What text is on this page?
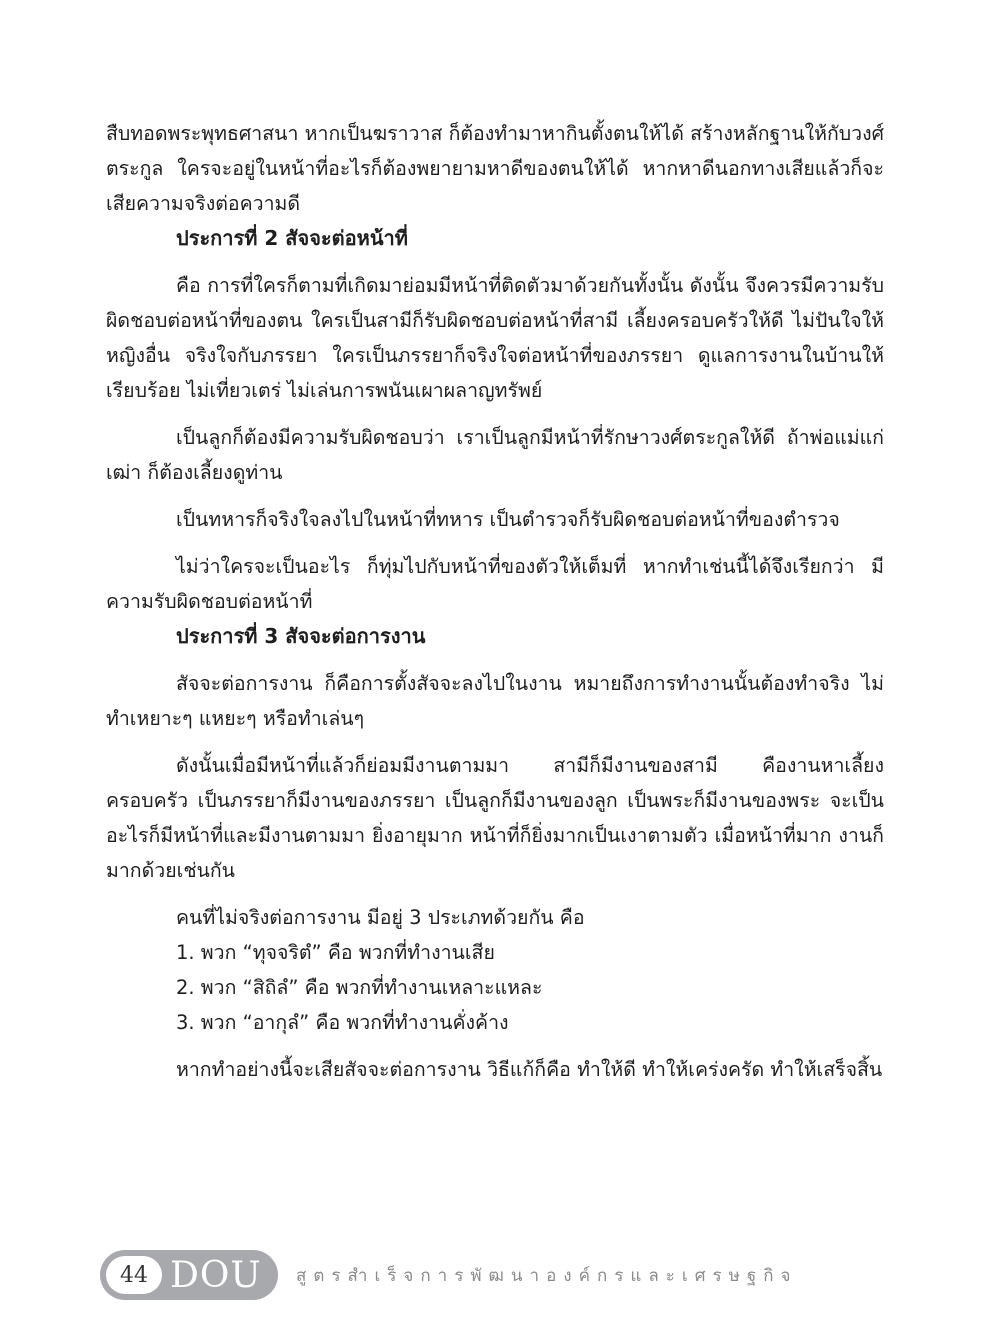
สืบทอดพระพุทธศาสนา หากเป็นฆราวาส ก็ต้องทำมาหากินตั้งตนให้ได้ สร้างหลักฐานให้กับวงศ์ตระกูล ใครจะอยู่ในหน้าที่อะไรก็ต้องพยายามหาดีของตนให้ได้ หากหาดีนอกทางเสียแล้วก็จะเสียความจริงต่อความดี

ประการที่ 2 สัจจะต่อหน้าที่

คือ การที่ใครก็ตามที่เกิดมาย่อมมีหน้าที่ติดตัวมาด้วยกันทั้งนั้น ดังนั้น จึงควรมีความรับผิดชอบต่อหน้าที่ของตน ใครเป็นสามีก็รับผิดชอบต่อหน้าที่สามี เลี้ยงครอบครัวให้ดี ไม่ปันใจให้หญิงอื่น จริงใจกับภรรยา ใครเป็นภรรยาก็จริงใจต่อหน้าที่ของภรรยา ดูแลการงานในบ้านให้เรียบร้อย ไม่เที่ยวเตร่ ไม่เล่นการพนันเผาผลาญทรัพย์

เป็นลูกก็ต้องมีความรับผิดชอบว่า เราเป็นลูกมีหน้าที่รักษาวงศ์ตระกูลให้ดี ถ้าพ่อแม่แก่เฒ่า ก็ต้องเลี้ยงดูท่าน

เป็นทหารก็จริงใจลงไปในหน้าที่ทหาร เป็นตำรวจก็รับผิดชอบต่อหน้าที่ของตำรวจ

ไม่ว่าใครจะเป็นอะไร ก็ทุ่มไปกับหน้าที่ของตัวให้เต็มที่ หากทำเช่นนี้ได้จึงเรียกว่า มีความรับผิดชอบต่อหน้าที่

ประการที่ 3 สัจจะต่อการงาน

สัจจะต่อการงาน ก็คือการตั้งสัจจะลงไปในงาน หมายถึงการทำงานนั้นต้องทำจริง ไม่ทำเหยาะๆ แหยะๆ หรือทำเล่นๆ

ดังนั้นเมื่อมีหน้าที่แล้วก็ย่อมมีงานตามมา สามีก็มีงานของสามี คืองานหาเลี้ยงครอบครัว เป็นภรรยาก็มีงานของภรรยา เป็นลูกก็มีงานของลูก เป็นพระก็มีงานของพระ จะเป็นอะไรก็มีหน้าที่และมีงานตามมา ยิ่งอายุมาก หน้าที่ก็ยิ่งมากเป็นเงาตามตัว เมื่อหน้าที่มาก งานก็มากด้วยเช่นกัน

คนที่ไม่จริงต่อการงาน มีอยู่ 3 ประเภทด้วยกัน คือ

1. พวก “ทุจจริตํ” คือ พวกที่ทำงานเสีย

2. พวก “สิถิลํ” คือ พวกที่ทำงานเหลาะแหละ

3. พวก “อากุลํ” คือ พวกที่ทำงานคั่งค้าง

หากทำอย่างนี้จะเสียสัจจะต่อการงาน วิธีแก้ก็คือ ทำให้ดี ทำให้เคร่งครัด ทำให้เสร็จสิ้น

44 DOU สูตรสำเร็จการพัฒนาองค์กรและเศรษฐกิจ
